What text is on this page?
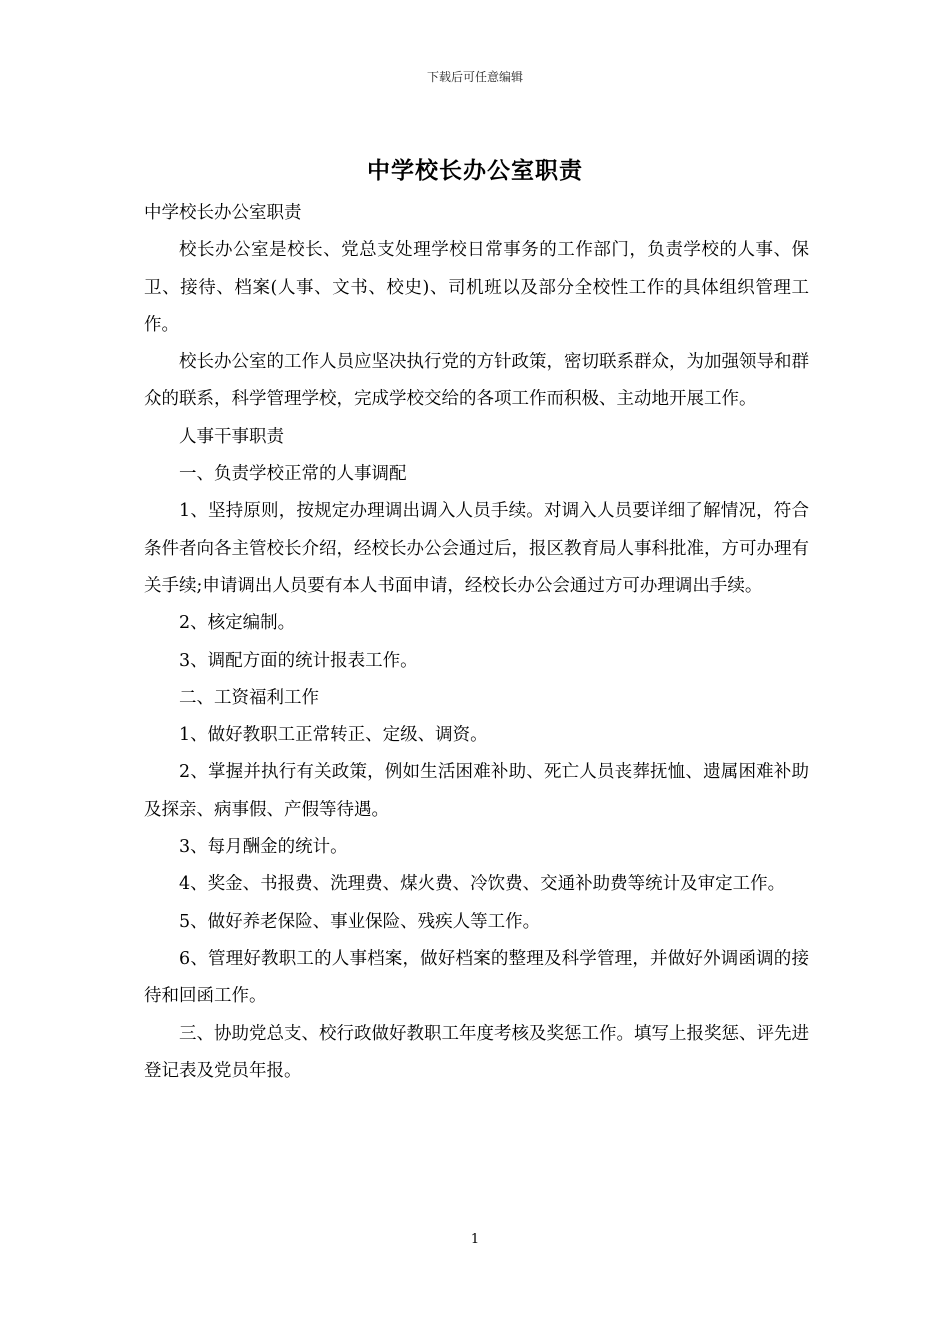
下载后可任意编辑
中学校长办公室职责

中学校长办公室职责

校长办公室是校长、党总支处理学校日常事务的工作部门，负责学校的人事、保卫、接待、档案(人事、文书、校史)、司机班以及部分全校性工作的具体组织管理工作。

校长办公室的工作人员应坚决执行党的方针政策，密切联系群众，为加强领导和群众的联系，科学管理学校，完成学校交给的各项工作而积极、主动地开展工作。

人事干事职责

一、负责学校正常的人事调配

1、坚持原则，按规定办理调出调入人员手续。对调入人员要详细了解情况，符合条件者向各主管校长介绍，经校长办公会通过后，报区教育局人事科批准，方可办理有关手续;申请调出人员要有本人书面申请，经校长办公会通过方可办理调出手续。

2、核定编制。

3、调配方面的统计报表工作。

二、工资福利工作

1、做好教职工正常转正、定级、调资。

2、掌握并执行有关政策，例如生活困难补助、死亡人员丧葬抚恤、遗属困难补助及探亲、病事假、产假等待遇。

3、每月酬金的统计。

4、奖金、书报费、洗理费、煤火费、冷饮费、交通补助费等统计及审定工作。

5、做好养老保险、事业保险、残疾人等工作。

6、管理好教职工的人事档案，做好档案的整理及科学管理，并做好外调函调的接待和回函工作。

三、协助党总支、校行政做好教职工年度考核及奖惩工作。填写上报奖惩、评先进登记表及党员年报。

1
